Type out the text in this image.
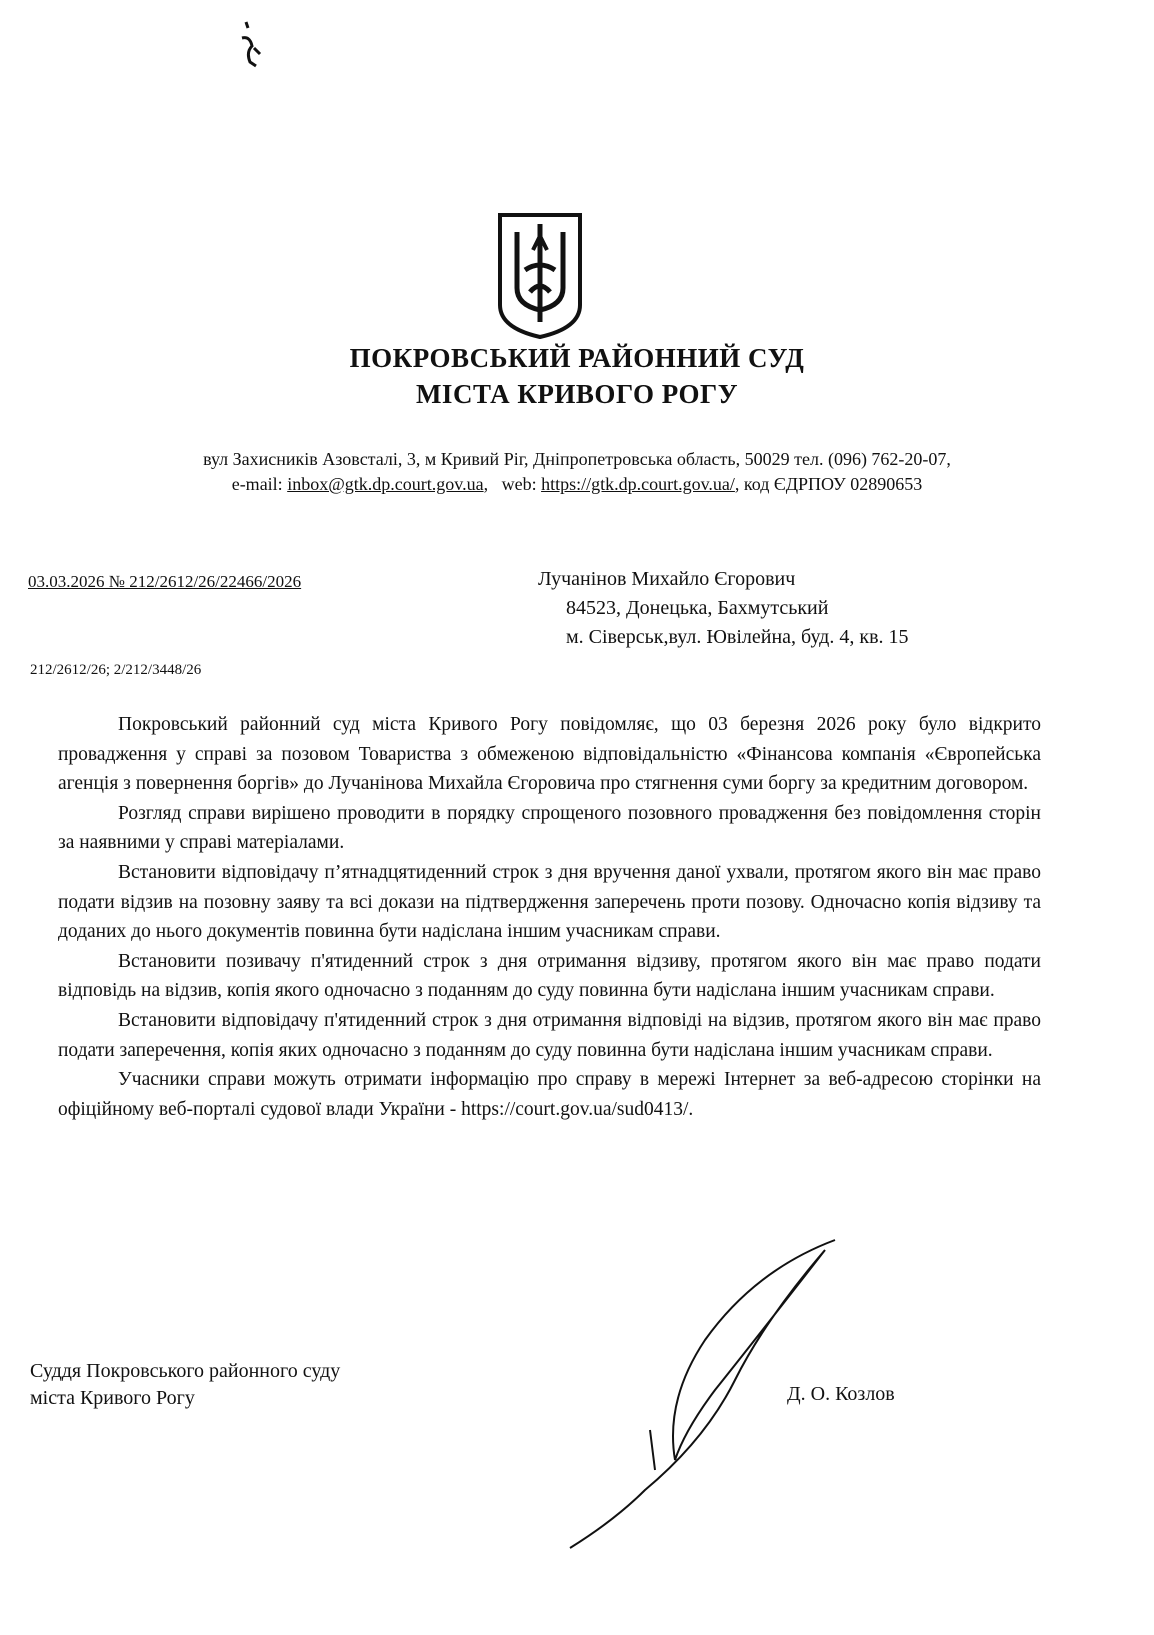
ПОКРОВСЬКИЙ РАЙОННИЙ СУД
МІСТА КРИВОГО РОГУ
вул Захисників Азовсталі, 3, м Кривий Ріг, Дніпропетровська область, 50029 тел. (096) 762-20-07,
e-mail: inbox@gtk.dp.court.gov.ua,   web: https://gtk.dp.court.gov.ua/, код ЄДРПОУ 02890653
03.03.2026 № 212/2612/26/22466/2026
212/2612/26; 2/212/3448/26
Лучанінов Михайло Єгорович
84523, Донецька, Бахмутський
м. Сіверськ,вул. Ювілейна, буд. 4, кв. 15

Покровський районний суд міста Кривого Рогу повідомляє, що 03 березня 2026 року було відкрито провадження у справі за позовом Товариства з обмеженою відповідальністю «Фінансова компанія «Європейська агенція з повернення боргів» до Лучанінова Михайла Єгоровича про стягнення суми боргу за кредитним договором.

Розгляд справи вирішено проводити в порядку спрощеного позовного провадження без повідомлення сторін за наявними у справі матеріалами.

Встановити відповідачу п’ятнадцятиденний строк з дня вручення даної ухвали, протягом якого він має право подати відзив на позовну заяву та всі докази на підтвердження заперечень проти позову. Одночасно копія відзиву та доданих до нього документів повинна бути надіслана іншим учасникам справи.

Встановити позивачу п'ятиденний строк з дня отримання відзиву, протягом якого він має право подати відповідь на відзив, копія якого одночасно з поданням до суду повинна бути надіслана іншим учасникам справи.

Встановити відповідачу п'ятиденний строк з дня отримання відповіді на відзив, протягом якого він має право подати заперечення, копія яких одночасно з поданням до суду повинна бути надіслана іншим учасникам справи.

Учасники справи можуть отримати інформацію про справу в мережі Інтернет за веб-адресою сторінки на офіційному веб-порталі судової влади України - https://court.gov.ua/sud0413/.

Суддя Покровського районного суду
міста Кривого Рогу	Д. О. Козлов
